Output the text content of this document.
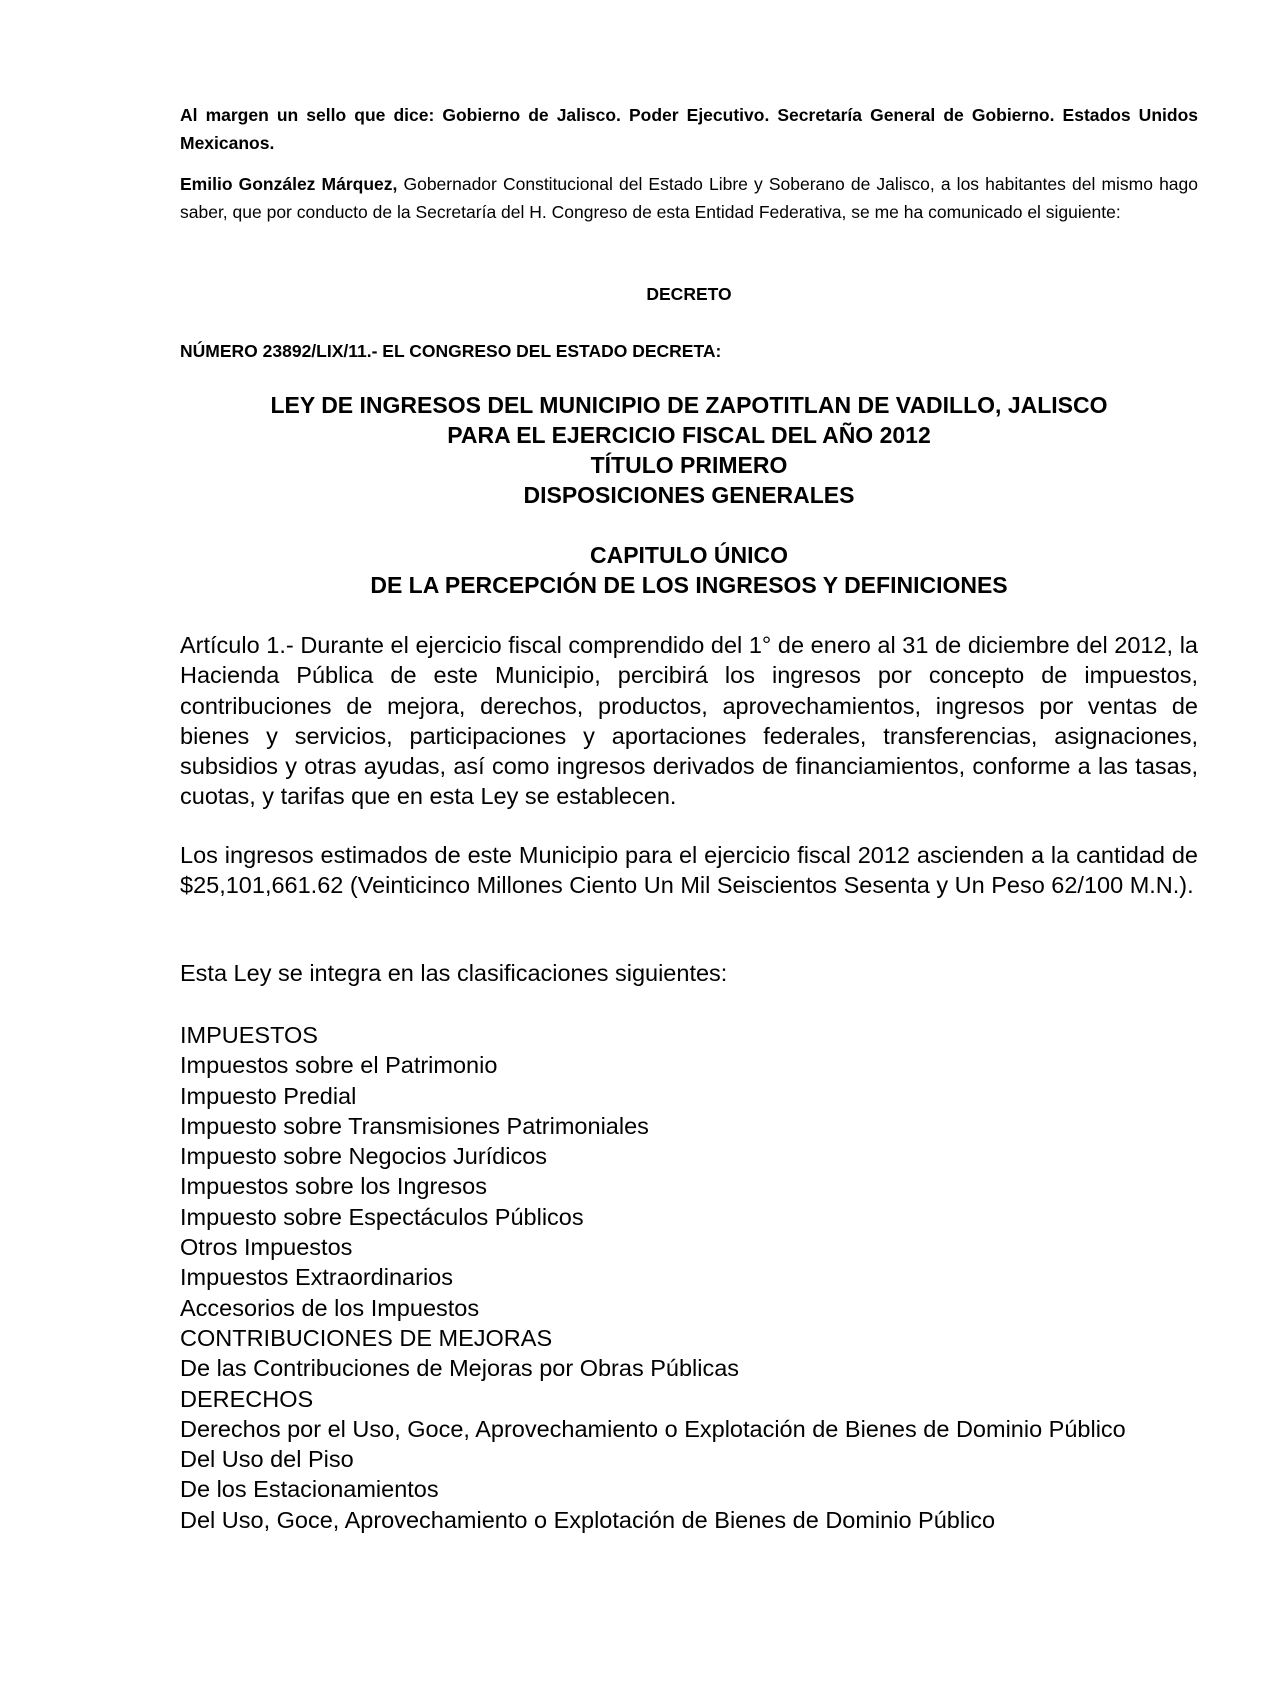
Al margen un sello que dice: Gobierno de Jalisco. Poder Ejecutivo. Secretaría General de Gobierno. Estados Unidos Mexicanos.

Emilio González Márquez, Gobernador Constitucional del Estado Libre y Soberano de Jalisco, a los habitantes del mismo hago saber, que por conducto de la Secretaría del H. Congreso de esta Entidad Federativa, se me ha comunicado el siguiente:

DECRETO

NÚMERO 23892/LIX/11.- EL CONGRESO DEL ESTADO DECRETA:

LEY DE INGRESOS DEL MUNICIPIO DE ZAPOTITLAN DE VADILLO, JALISCO
PARA EL EJERCICIO FISCAL DEL AÑO 2012
TÍTULO PRIMERO
DISPOSICIONES GENERALES
CAPITULO ÚNICO
DE LA PERCEPCIÓN DE LOS INGRESOS Y DEFINICIONES

Artículo 1.- Durante el ejercicio fiscal comprendido del 1° de enero al 31 de diciembre del 2012, la Hacienda Pública de este Municipio, percibirá los ingresos por concepto de impuestos, contribuciones de mejora, derechos, productos, aprovechamientos, ingresos por ventas de bienes y servicios, participaciones y aportaciones federales, transferencias, asignaciones, subsidios y otras ayudas, así como ingresos derivados de financiamientos, conforme a las tasas, cuotas, y tarifas que en esta Ley se establecen.

Los ingresos estimados de este Municipio para el ejercicio fiscal 2012 ascienden a la cantidad de $25,101,661.62 (Veinticinco Millones Ciento Un Mil Seiscientos Sesenta y Un Peso 62/100 M.N.).

Esta Ley se integra en las clasificaciones siguientes:

IMPUESTOS
Impuestos sobre el Patrimonio
Impuesto Predial
Impuesto sobre Transmisiones Patrimoniales
Impuesto sobre Negocios Jurídicos
Impuestos sobre los Ingresos
Impuesto sobre Espectáculos Públicos
Otros Impuestos
Impuestos Extraordinarios
Accesorios de los Impuestos
CONTRIBUCIONES DE MEJORAS
De las Contribuciones de Mejoras por Obras Públicas
DERECHOS
Derechos por el Uso, Goce, Aprovechamiento o Explotación de Bienes de Dominio Público
Del Uso del Piso
De los Estacionamientos
Del Uso, Goce, Aprovechamiento o Explotación de Bienes de Dominio Público
